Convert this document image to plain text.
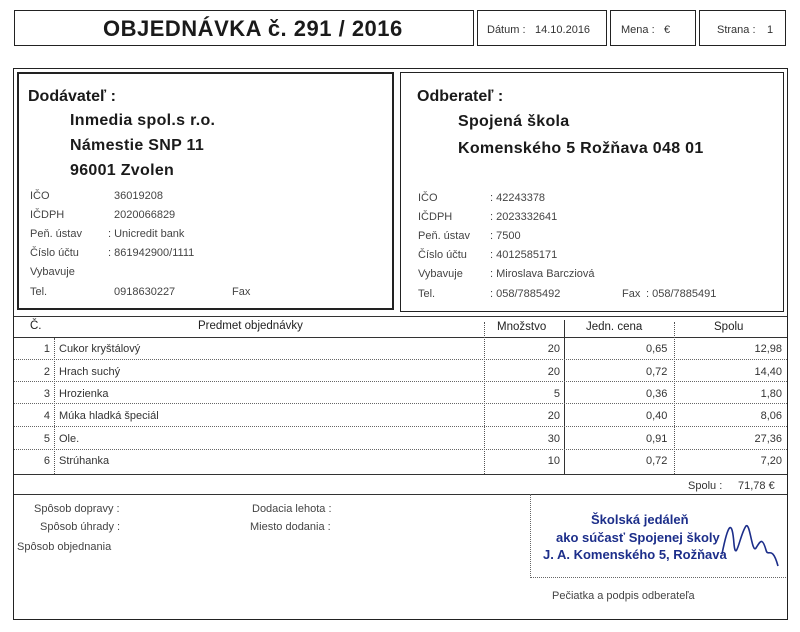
OBJEDNÁVKA č. 291 / 2016	Dátum : 14.10.2016	Mena : €	Strana : 1
Dodávateľ :
Inmedia spol.s r.o.
Námestie SNP 11
96001 Zvolen
IČO	36019208
IČDPH	2020066829
Peň. ústav : Unicredit bank
Číslo účtu	: 861942900/1111
Vybavuje
Tel.	0918630227	Fax
Odberateľ :
Spojená škola
Komenského 5 Rožňava 048 01
IČO	: 42243378
IČDPH	: 2023332641
Peň. ústav : 7500
Číslo účtu : 4012585171
Vybavuje : Miroslava Barcziová
Tel.	: 058/7885492	Fax : 058/7885491
Č.	Predmet objednávky	Množstvo	Jedn. cena	Spolu
1 Cukor kryštálový	20	0,65	12,98
2 Hrach suchý	20	0,72	14,40
3 Hrozienka	5	0,36	1,80
4 Múka hladká špeciál	20	0,40	8,06
5 Ole.	30	0,91	27,36
6 Strúhanka	10	0,72	7,20
Spolu : 71,78 €
Spôsob dopravy :
Spôsob úhrady :
Spôsob objednania
Dodacia lehota :
Miesto dodania :	Školská jedáleň
ako súčasť Spojenej školy
J. A. Komenského 5, Rožňava
Pečiatka a podpis odberateľa
